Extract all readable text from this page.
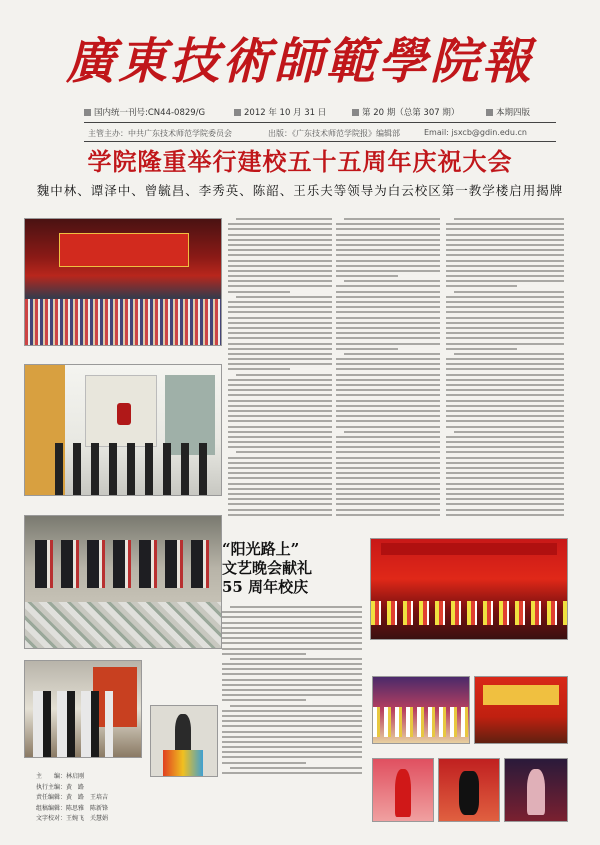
廣東技術師範學院報
国内统一刊号:CN44-0829/G	2012 年 10 月 31 日	第 20 期（总第 307 期）	本期四版
主管主办：中共广东技术师范学院委员会	出版：《广东技术师范学院报》编辑部	Email: jsxcb@gdin.edu.cn
学院隆重举行建校五十五周年庆祝大会
魏中林、谭泽中、曾毓昌、李秀英、陈韶、王乐夫等领导为白云校区第一教学楼启用揭牌
“阳光路上”
文艺晚会献礼
55 周年校庆
主　　编：林启刚
执行主编：黄　路
责任编辑：黄　路　王培吉
组稿编辑：陈思雅　陈新锋
文字校对：王婉飞　关慧娟
